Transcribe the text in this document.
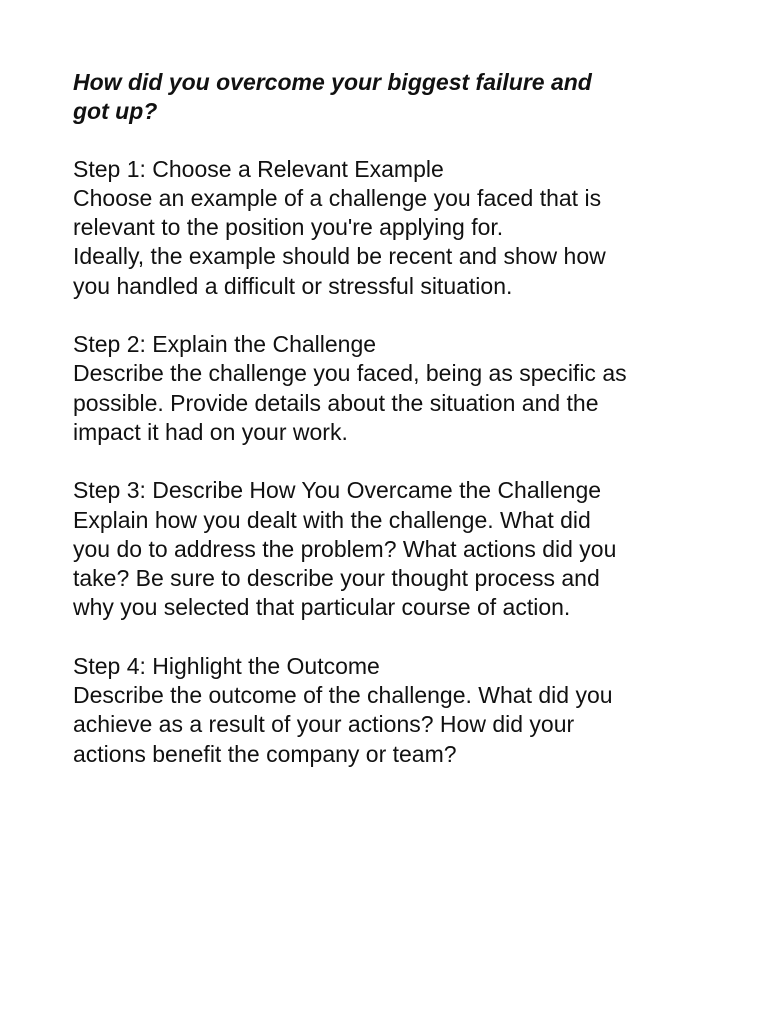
How did you overcome your biggest failure and
got up?
Step 1: Choose a Relevant Example
Choose an example of a challenge you faced that is
relevant to the position you're applying for.
Ideally, the example should be recent and show how
you handled a difficult or stressful situation.
Step 2: Explain the Challenge
Describe the challenge you faced, being as specific as
possible. Provide details about the situation and the
impact it had on your work.
Step 3: Describe How You Overcame the Challenge
Explain how you dealt with the challenge. What did
you do to address the problem? What actions did you
take? Be sure to describe your thought process and
why you selected that particular course of action.
Step 4: Highlight the Outcome
Describe the outcome of the challenge. What did you
achieve as a result of your actions? How did your
actions benefit the company or team?
